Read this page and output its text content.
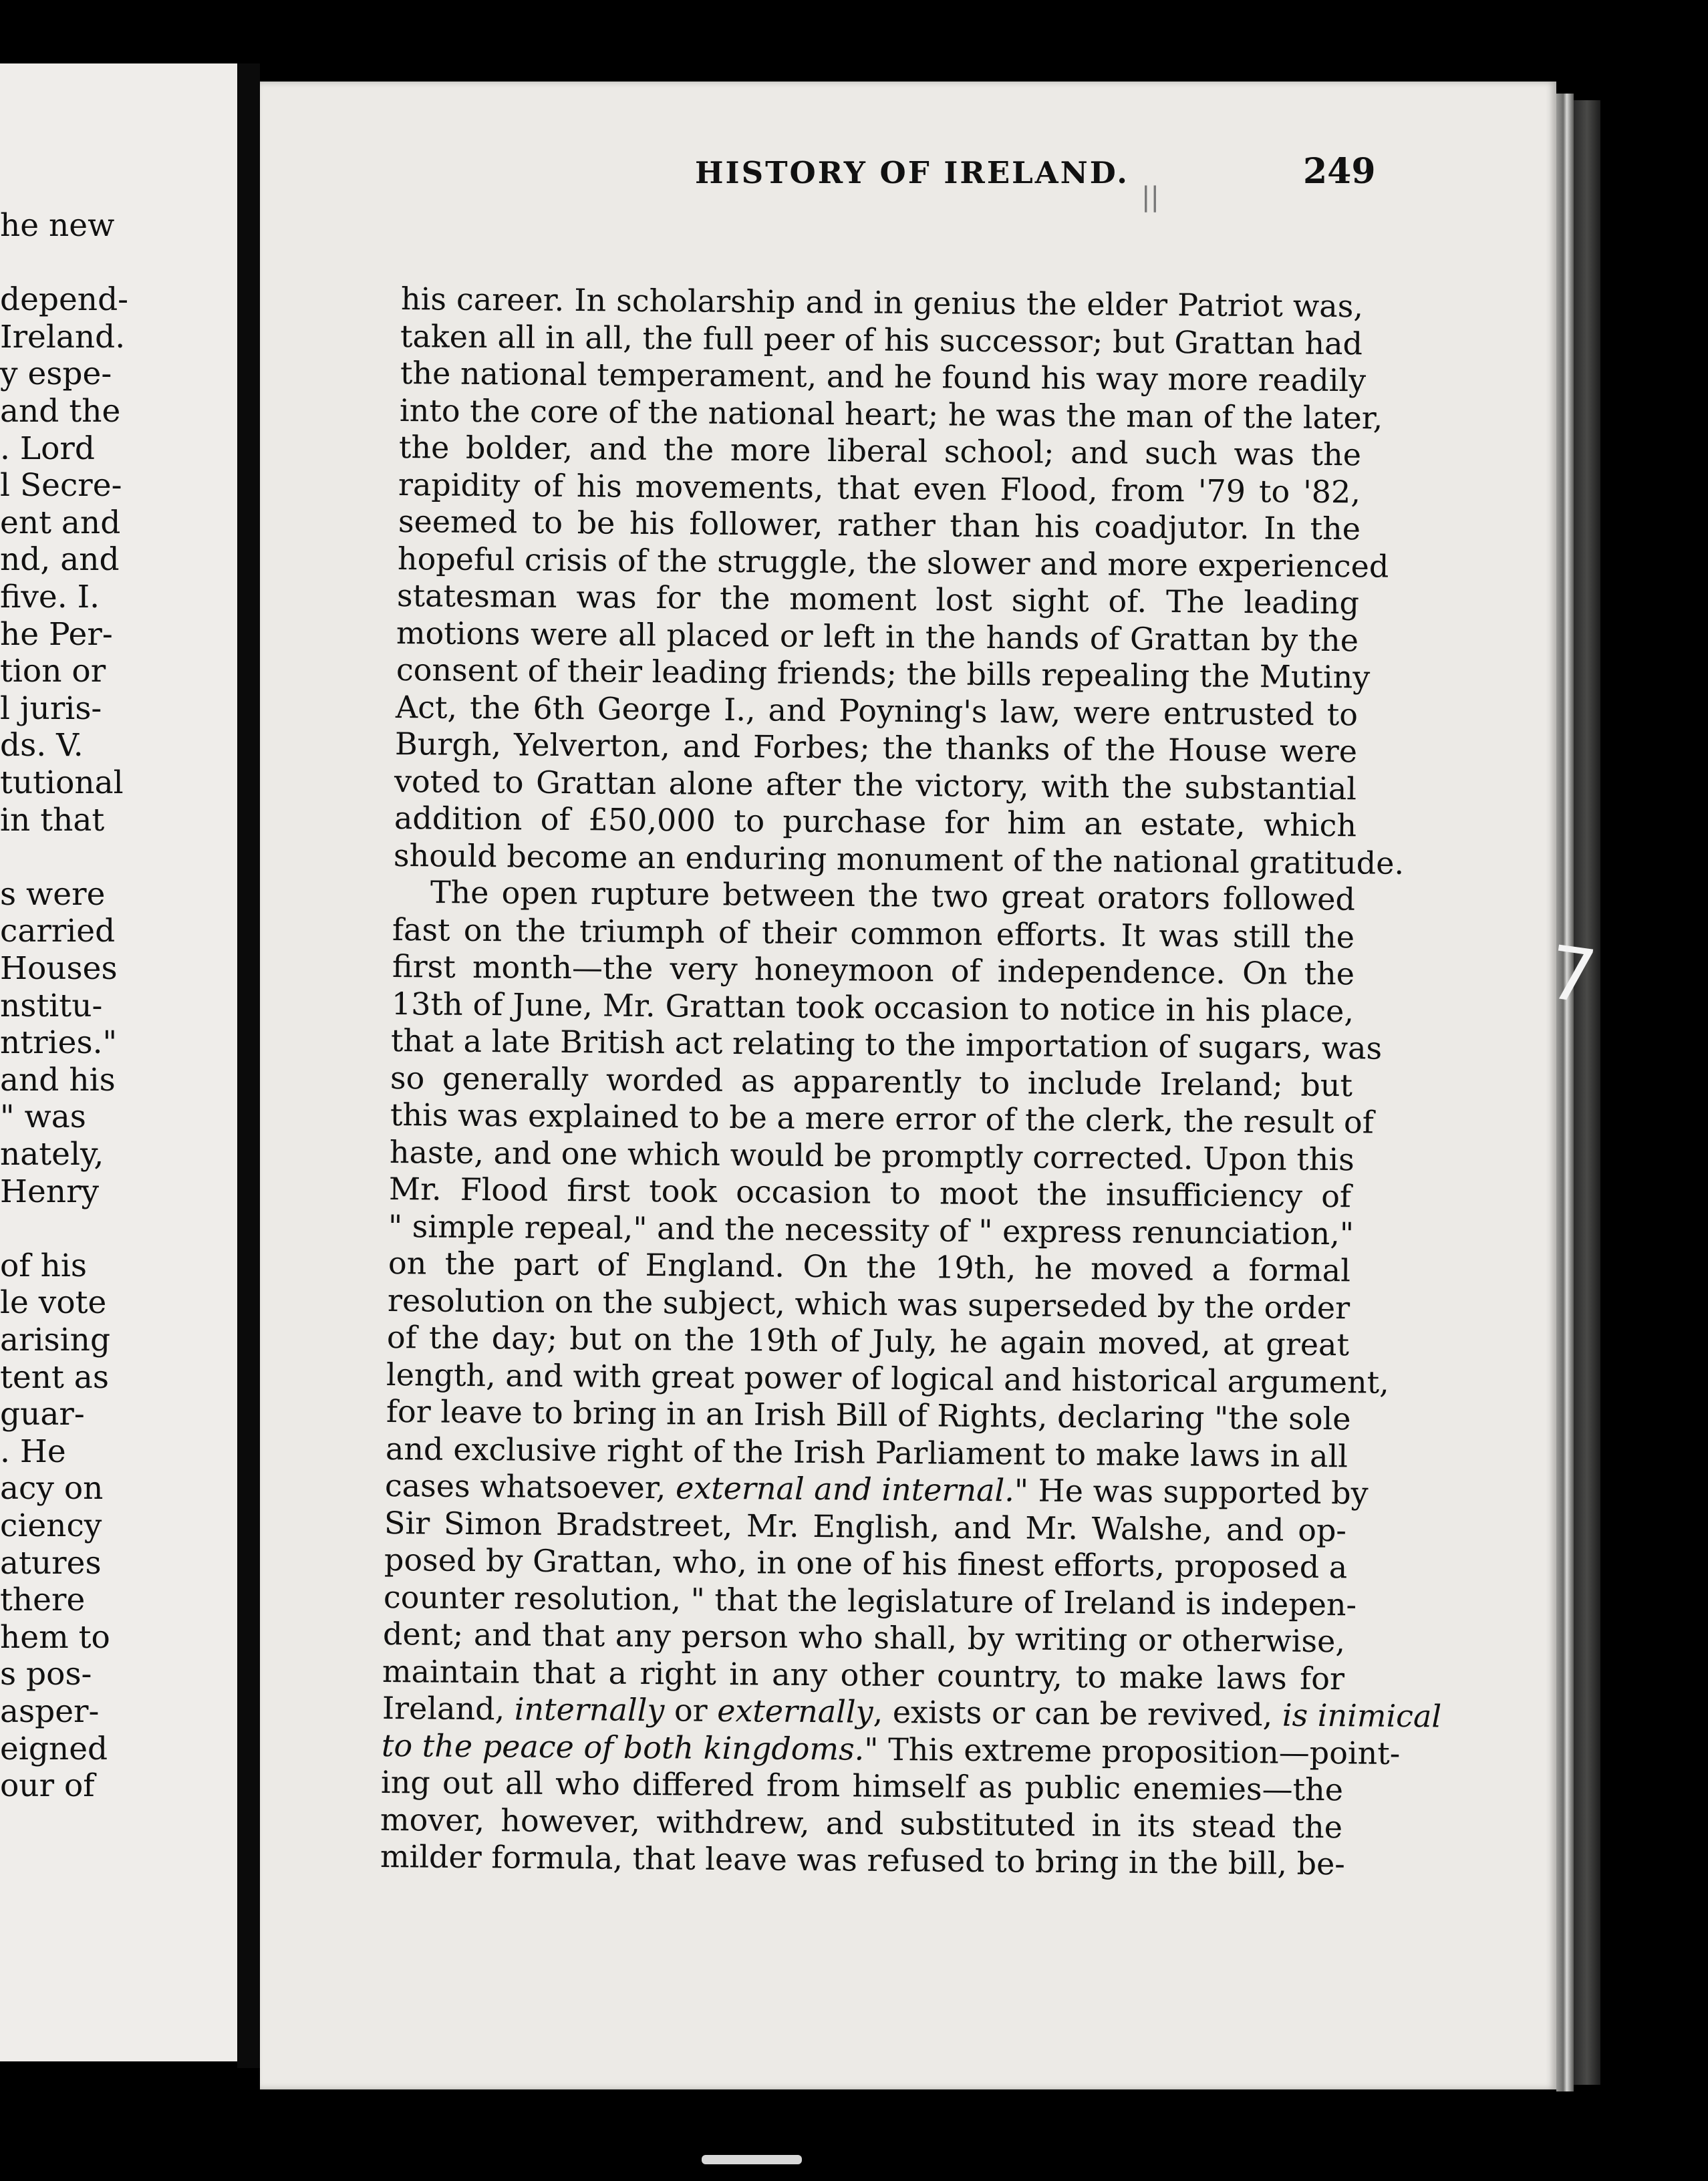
he new
depend-
Ireland.
y espe-
and the
. Lord
l Secre-
ent and
nd, and
five. I.
he Per-
tion or
l juris-
ds. V.
tutional
in that
s were
carried
Houses
nstitu-
ntries."
and his
" was
nately,
Henry
of his
le vote
arising
tent as
guar-
. He
acy on
ciency
atures
there
hem to
s pos-
asper-
eigned
our of
||
HISTORY OF IRELAND.	249
his career. In scholarship and in genius the elder Patriot was,
taken all in all, the full peer of his successor; but Grattan had
the national temperament, and he found his way more readily
into the core of the national heart; he was the man of the later,
the bolder, and the more liberal school; and such was the
rapidity of his movements, that even Flood, from '79 to '82,
seemed to be his follower, rather than his coadjutor. In the
hopeful crisis of the struggle, the slower and more experienced
statesman was for the moment lost sight of. The leading
motions were all placed or left in the hands of Grattan by the
consent of their leading friends; the bills repealing the Mutiny
Act, the 6th George I., and Poyning's law, were entrusted to
Burgh, Yelverton, and Forbes; the thanks of the House were
voted to Grattan alone after the victory, with the substantial
addition of £50,000 to purchase for him an estate, which
should become an enduring monument of the national gratitude.
The open rupture between the two great orators followed
fast on the triumph of their common efforts. It was still the
first month—the very honeymoon of independence. On the
13th of June, Mr. Grattan took occasion to notice in his place,
that a late British act relating to the importation of sugars, was
so generally worded as apparently to include Ireland; but
this was explained to be a mere error of the clerk, the result of
haste, and one which would be promptly corrected. Upon this
Mr. Flood first took occasion to moot the insufficiency of
" simple repeal," and the necessity of " express renunciation,"
on the part of England. On the 19th, he moved a formal
resolution on the subject, which was superseded by the order
of the day; but on the 19th of July, he again moved, at great
length, and with great power of logical and historical argument,
for leave to bring in an Irish Bill of Rights, declaring "the sole
and exclusive right of the Irish Parliament to make laws in all
cases whatsoever, external and internal." He was supported by
Sir Simon Bradstreet, Mr. English, and Mr. Walshe, and op-
posed by Grattan, who, in one of his finest efforts, proposed a
counter resolution, " that the legislature of Ireland is indepen-
dent; and that any person who shall, by writing or otherwise,
maintain that a right in any other country, to make laws for
Ireland, internally or externally, exists or can be revived, is inimical
to the peace of both kingdoms." This extreme proposition—point-
ing out all who differed from himself as public enemies—the
mover, however, withdrew, and substituted in its stead the
milder formula, that leave was refused to bring in the bill, be-
7
